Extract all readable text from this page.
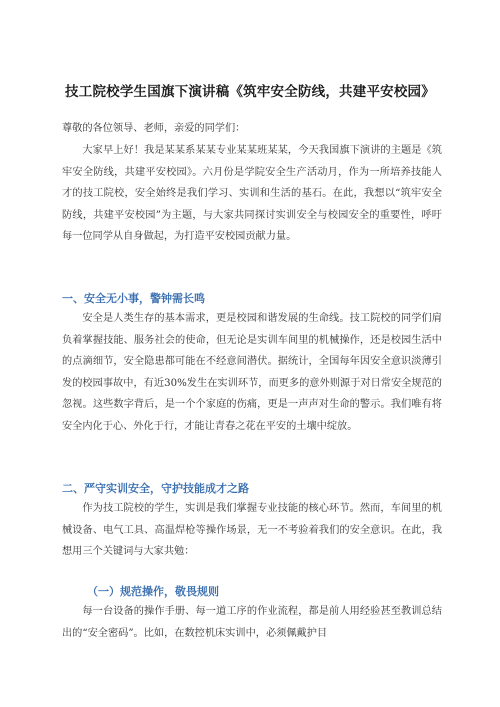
技工院校学生国旗下演讲稿《筑牢安全防线，共建平安校园》

尊敬的各位领导、老师，亲爱的同学们：

大家早上好！我是某某系某某专业某某班某某，今天我国旗下演讲的主题是《筑牢安全防线，共建平安校园》。六月份是学院安全生产活动月，作为一所培养技能人才的技工院校，安全始终是我们学习、实训和生活的基石。在此，我想以“筑牢安全防线，共建平安校园”为主题，与大家共同探讨实训安全与校园安全的重要性，呼吁每一位同学从自身做起，为打造平安校园贡献力量。

一、安全无小事，警钟需长鸣

安全是人类生存的基本需求，更是校园和谐发展的生命线。技工院校的同学们肩负着掌握技能、服务社会的使命，但无论是实训车间里的机械操作，还是校园生活中的点滴细节，安全隐患都可能在不经意间潜伏。据统计，全国每年因安全意识淡薄引发的校园事故中，有近30%发生在实训环节，而更多的意外则源于对日常安全规范的忽视。这些数字背后，是一个个家庭的伤痛，更是一声声对生命的警示。我们唯有将安全内化于心、外化于行，才能让青春之花在平安的土壤中绽放。

二、严守实训安全，守护技能成才之路

作为技工院校的学生，实训是我们掌握专业技能的核心环节。然而，车间里的机械设备、电气工具、高温焊枪等操作场景，无一不考验着我们的安全意识。在此，我想用三个关键词与大家共勉：

（一）规范操作，敬畏规则

每一台设备的操作手册、每一道工序的作业流程，都是前人用经验甚至教训总结出的“安全密码”。比如，在数控机床实训中，必须佩戴护目
